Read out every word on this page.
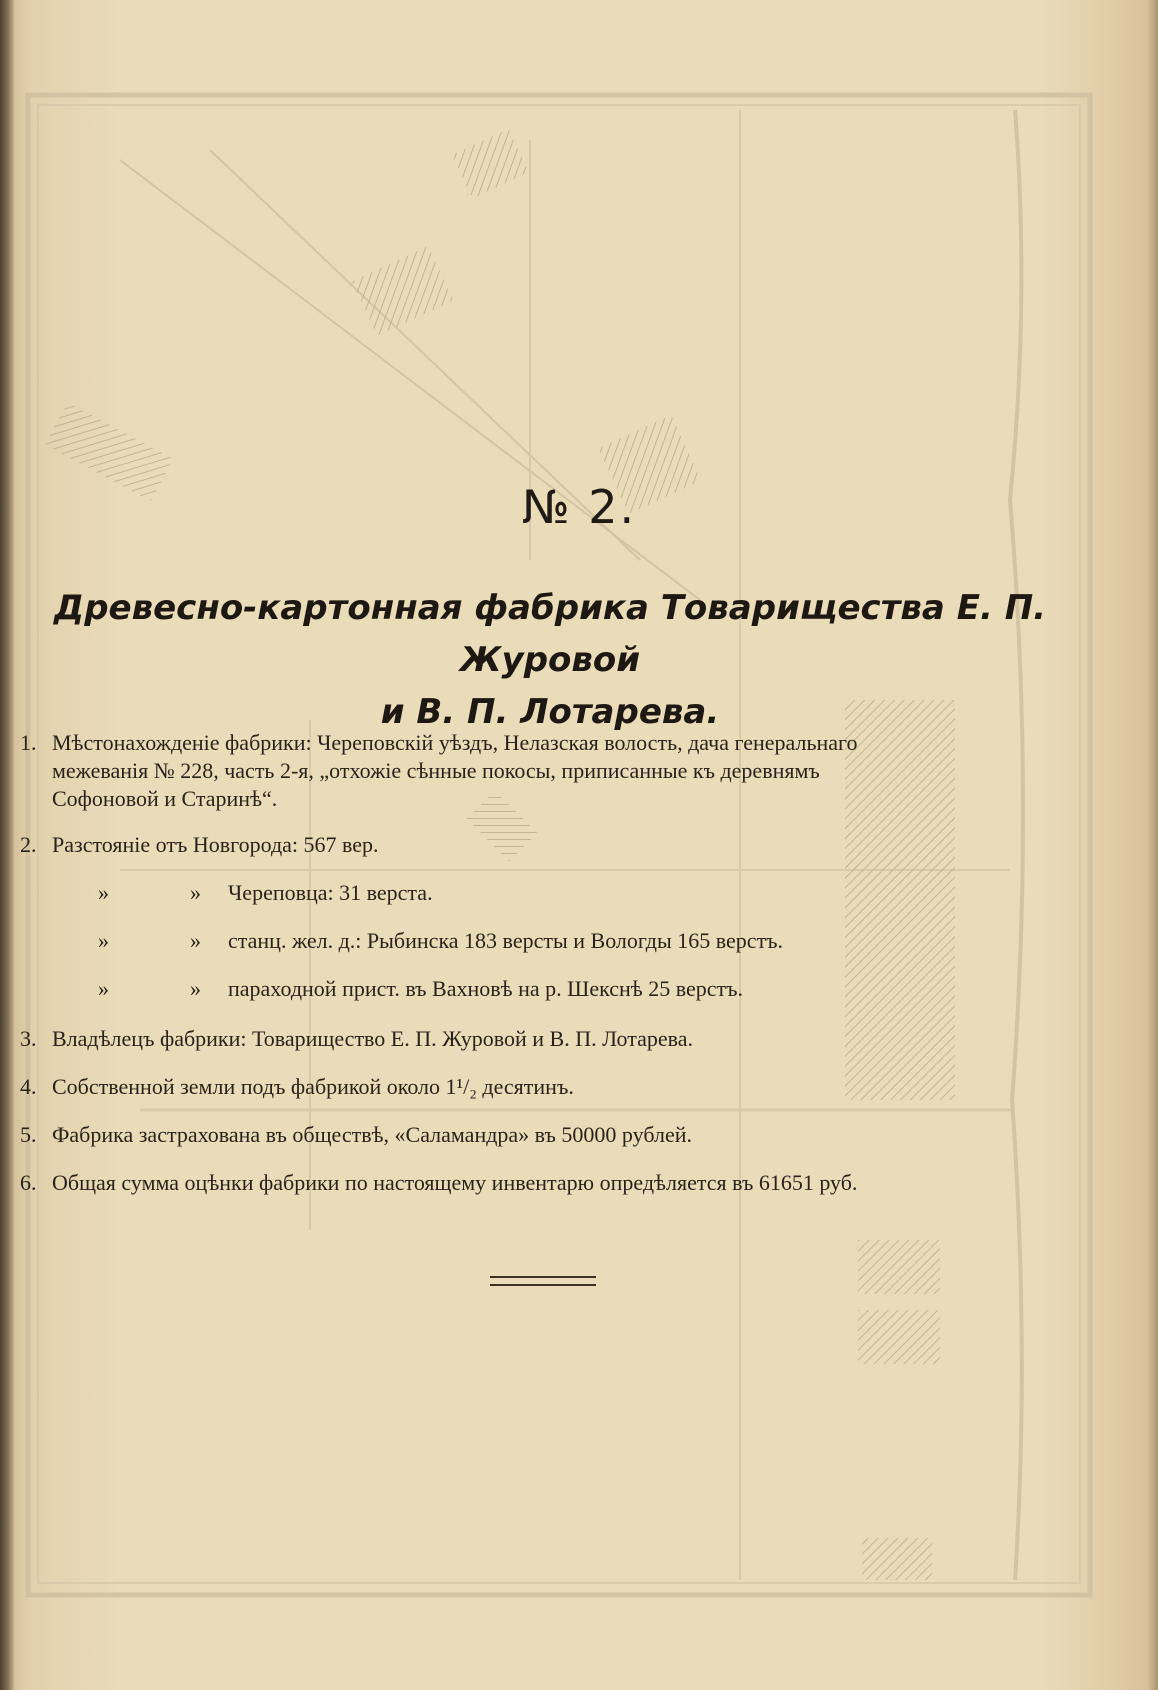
№ 2.
Древесно-картонная фабрика Товарищества Е. П. Журовой
и В. П. Лотарева.
1. Мѣстонахожденіе фабрики: Череповскій уѣздъ, Нелазская волость, дача генеральнаго
межеванія № 228, часть 2-я, „отхожіе сѣнные покосы, приписанные къ деревнямъ
Софоновой и Старинѣ“.
2. Разстояніе отъ Новгорода: 567 вер.
»	» Череповца: 31 верста.
»	» станц. жел. д.: Рыбинска 183 версты и Вологды 165 верстъ.
»	» параходной прист. въ Вахновѣ на р. Шекснѣ 25 верстъ.
3. Владѣлецъ фабрики: Товарищество Е. П. Журовой и В. П. Лотарева.
4. Собственной земли подъ фабрикой около 1¹/₂ десятинъ.
5. Фабрика застрахована въ обществѣ, «Саламандра» въ 50000 рублей.
6. Общая сумма оцѣнки фабрики по настоящему инвентарю опредѣляется въ 61651 руб.
